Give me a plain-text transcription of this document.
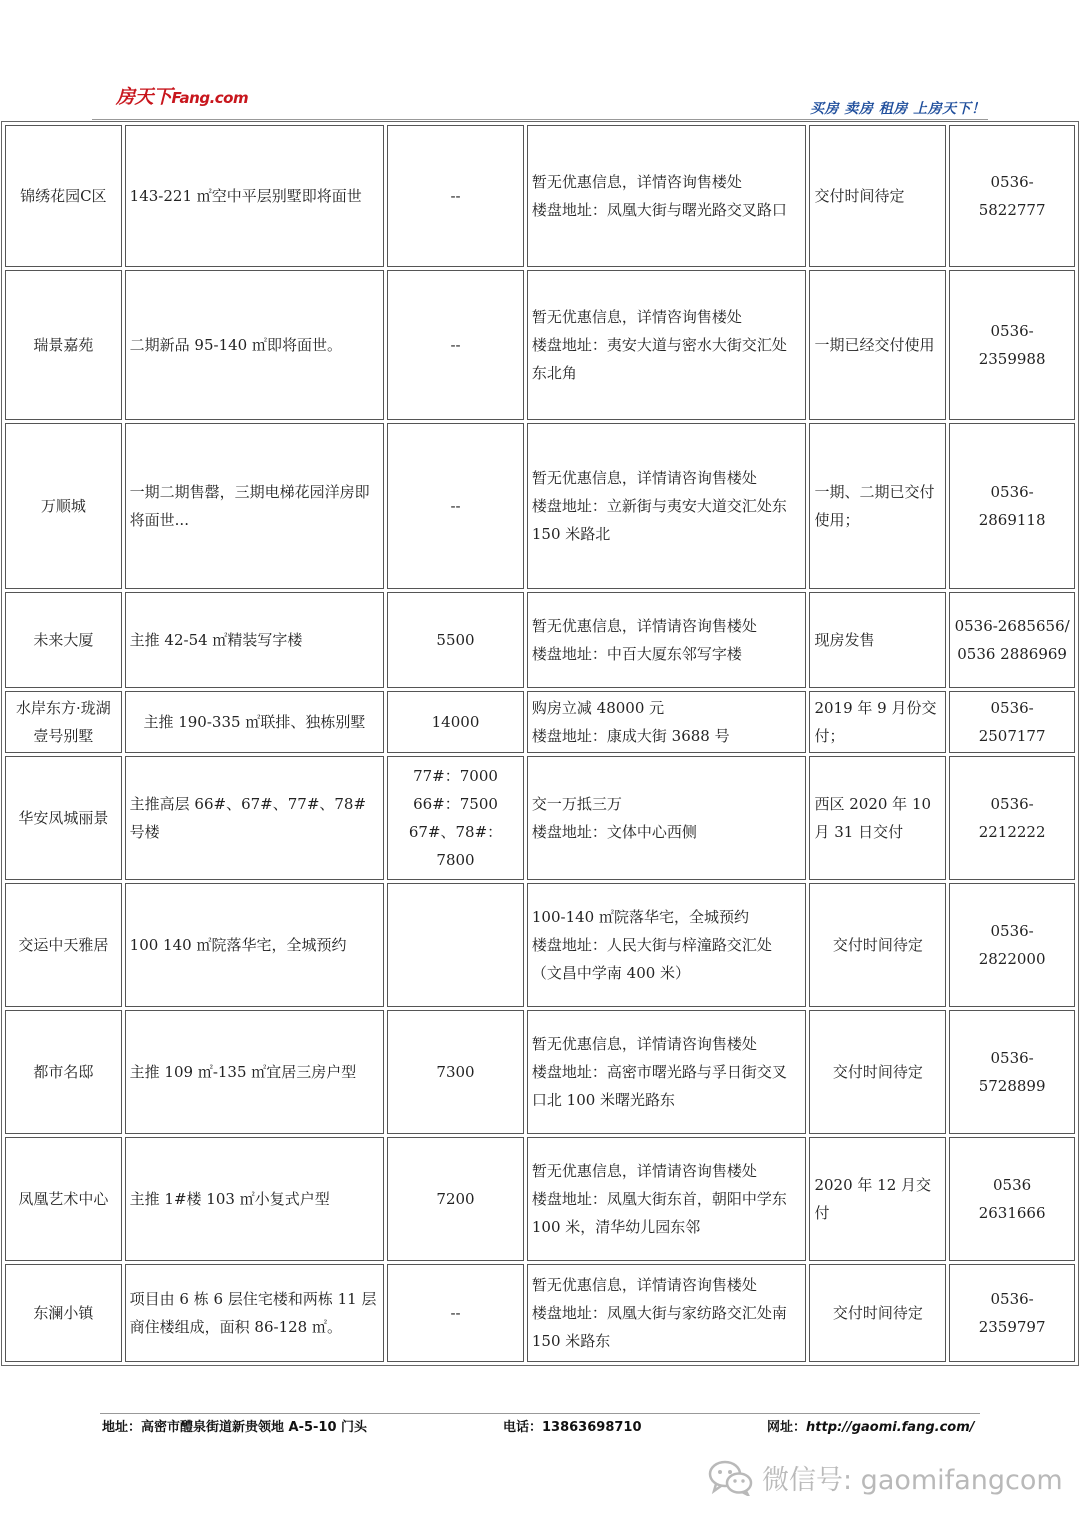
房天下Fang.com
买房 卖房 租房 上房天下！
锦绣花园C区	143-221 ㎡空中平层别墅即将面世	--	暂无优惠信息，详情咨询售楼处
楼盘地址：凤凰大街与曙光路交叉路口	交付时间待定	0536-
5822777

瑞景嘉苑	二期新品 95-140 ㎡即将面世。	--	暂无优惠信息，详情咨询售楼处
楼盘地址：夷安大道与密水大街交汇处东北角	一期已经交付使用	0536-
2359988

万顺城	一期二期售罄，三期电梯花园洋房即将面世...	--	暂无优惠信息，详情请咨询售楼处
楼盘地址：立新街与夷安大道交汇处东150 米路北	一期、二期已交付使用；	0536-
2869118

未来大厦	主推 42-54 ㎡精装写字楼	5500	暂无优惠信息，详情请咨询售楼处
楼盘地址：中百大厦东邻写字楼	现房发售	0536-2685656/0536 2886969

水岸东方·珑湖壹号别墅	主推 190-335 ㎡联排、独栋别墅	14000	购房立减 48000 元
楼盘地址：康成大街 3688 号	2019 年 9 月份交付；	0536-
2507177

华安凤城丽景	主推高层 66#、67#、77#、78#号楼	77#：7000
66#：7500
67#、78#：7800	交一万抵三万
楼盘地址：文体中心西侧	西区 2020 年 10 月 31 日交付	0536-
2212222

交运中天雅居	100 140 ㎡院落华宅，全城预约		100-140 ㎡院落华宅，全城预约
楼盘地址：人民大街与梓潼路交汇处（文昌中学南 400 米）	交付时间待定	0536-
2822000

都市名邸	主推 109 ㎡-135 ㎡宜居三房户型	7300	暂无优惠信息，详情请咨询售楼处
楼盘地址：高密市曙光路与孚日街交叉口北 100 米曙光路东	交付时间待定	0536-
5728899

凤凰艺术中心	主推 1#楼 103 ㎡小复式户型	7200	暂无优惠信息，详情请咨询售楼处
楼盘地址：凤凰大街东首，朝阳中学东100 米，清华幼儿园东邻	2020 年 12 月交付	0536
2631666

东澜小镇	项目由 6 栋 6 层住宅楼和两栋 11 层商住楼组成，面积 86-128 ㎡。	--	暂无优惠信息，详情请咨询售楼处
楼盘地址：凤凰大街与家纺路交汇处南150 米路东	交付时间待定	0536-
2359797
地址：高密市醴泉街道新贵领地 A-5-10 门头	电话：13863698710	网址：http://gaomi.fang.com/
微信号: gaomifangcom
